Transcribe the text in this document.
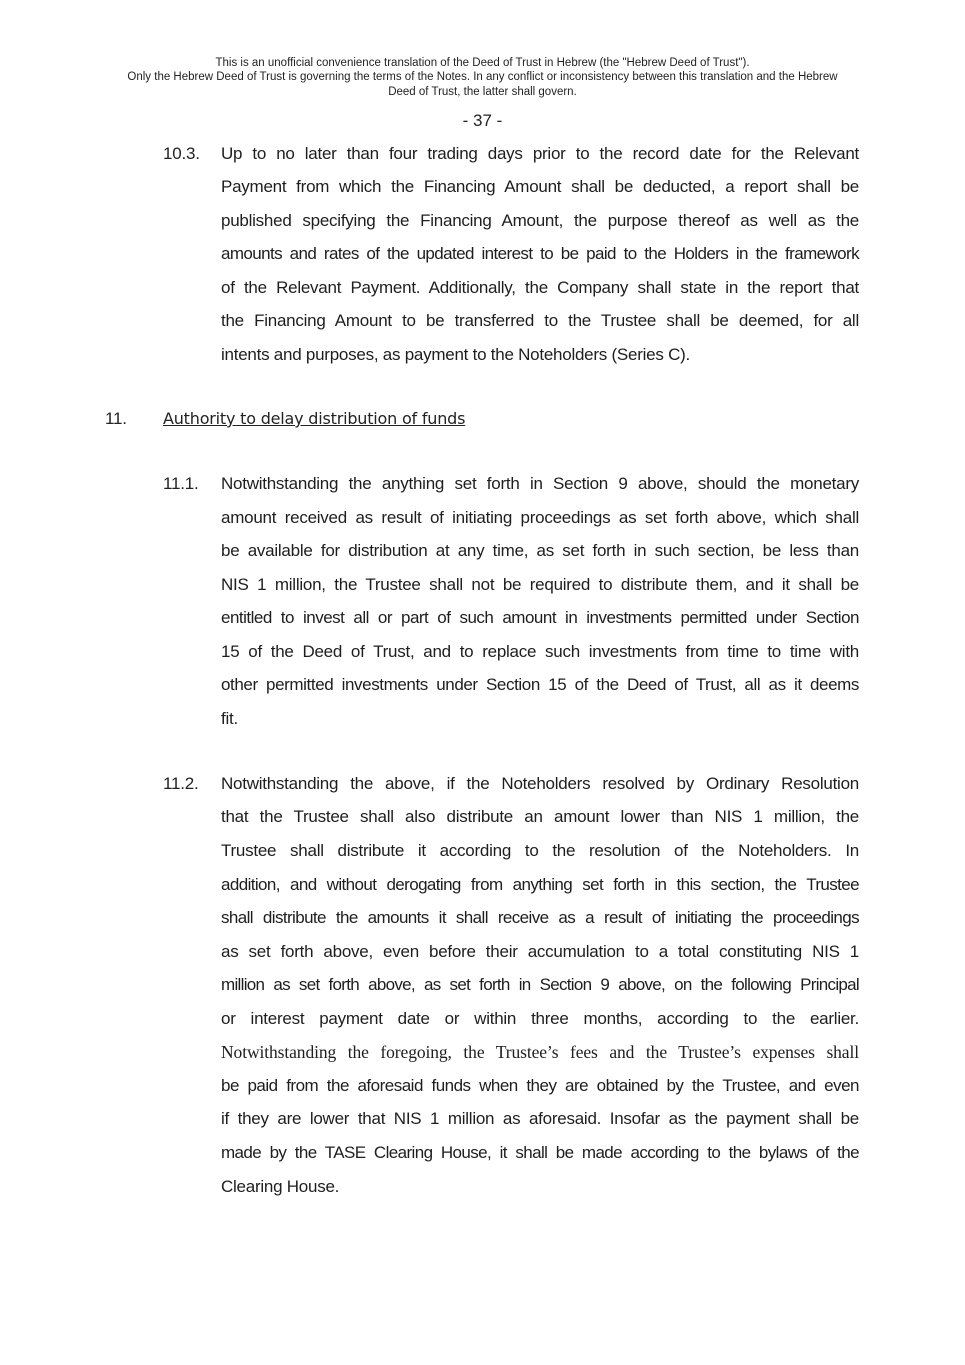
This is an unofficial convenience translation of the Deed of Trust in Hebrew (the "Hebrew Deed of Trust").
Only the Hebrew Deed of Trust is governing the terms of the Notes. In any conflict or inconsistency between this translation and the Hebrew
Deed of Trust, the latter shall govern.
- 37 -
10.3. Up to no later than four trading days prior to the record date for the Relevant
Payment from which the Financing Amount shall be deducted, a report shall be
published specifying the Financing Amount, the purpose thereof as well as the
amounts and rates of the updated interest to be paid to the Holders in the framework
of the Relevant Payment. Additionally, the Company shall state in the report that
the Financing Amount to be transferred to the Trustee shall be deemed, for all
intents and purposes, as payment to the Noteholders (Series C).
11. Authority to delay distribution of funds
11.1. Notwithstanding the anything set forth in Section 9 above, should the monetary
amount received as result of initiating proceedings as set forth above, which shall
be available for distribution at any time, as set forth in such section, be less than
NIS 1 million, the Trustee shall not be required to distribute them, and it shall be
entitled to invest all or part of such amount in investments permitted under Section
15 of the Deed of Trust, and to replace such investments from time to time with
other permitted investments under Section 15 of the Deed of Trust, all as it deems
fit.
11.2. Notwithstanding the above, if the Noteholders resolved by Ordinary Resolution
that the Trustee shall also distribute an amount lower than NIS 1 million, the
Trustee shall distribute it according to the resolution of the Noteholders. In
addition, and without derogating from anything set forth in this section, the Trustee
shall distribute the amounts it shall receive as a result of initiating the proceedings
as set forth above, even before their accumulation to a total constituting NIS 1
million as set forth above, as set forth in Section 9 above, on the following Principal
or interest payment date or within three months, according to the earlier.
Notwithstanding the foregoing, the Trustee’s fees and the Trustee’s expenses shall
be paid from the aforesaid funds when they are obtained by the Trustee, and even
if they are lower that NIS 1 million as aforesaid. Insofar as the payment shall be
made by the TASE Clearing House, it shall be made according to the bylaws of the
Clearing House.
